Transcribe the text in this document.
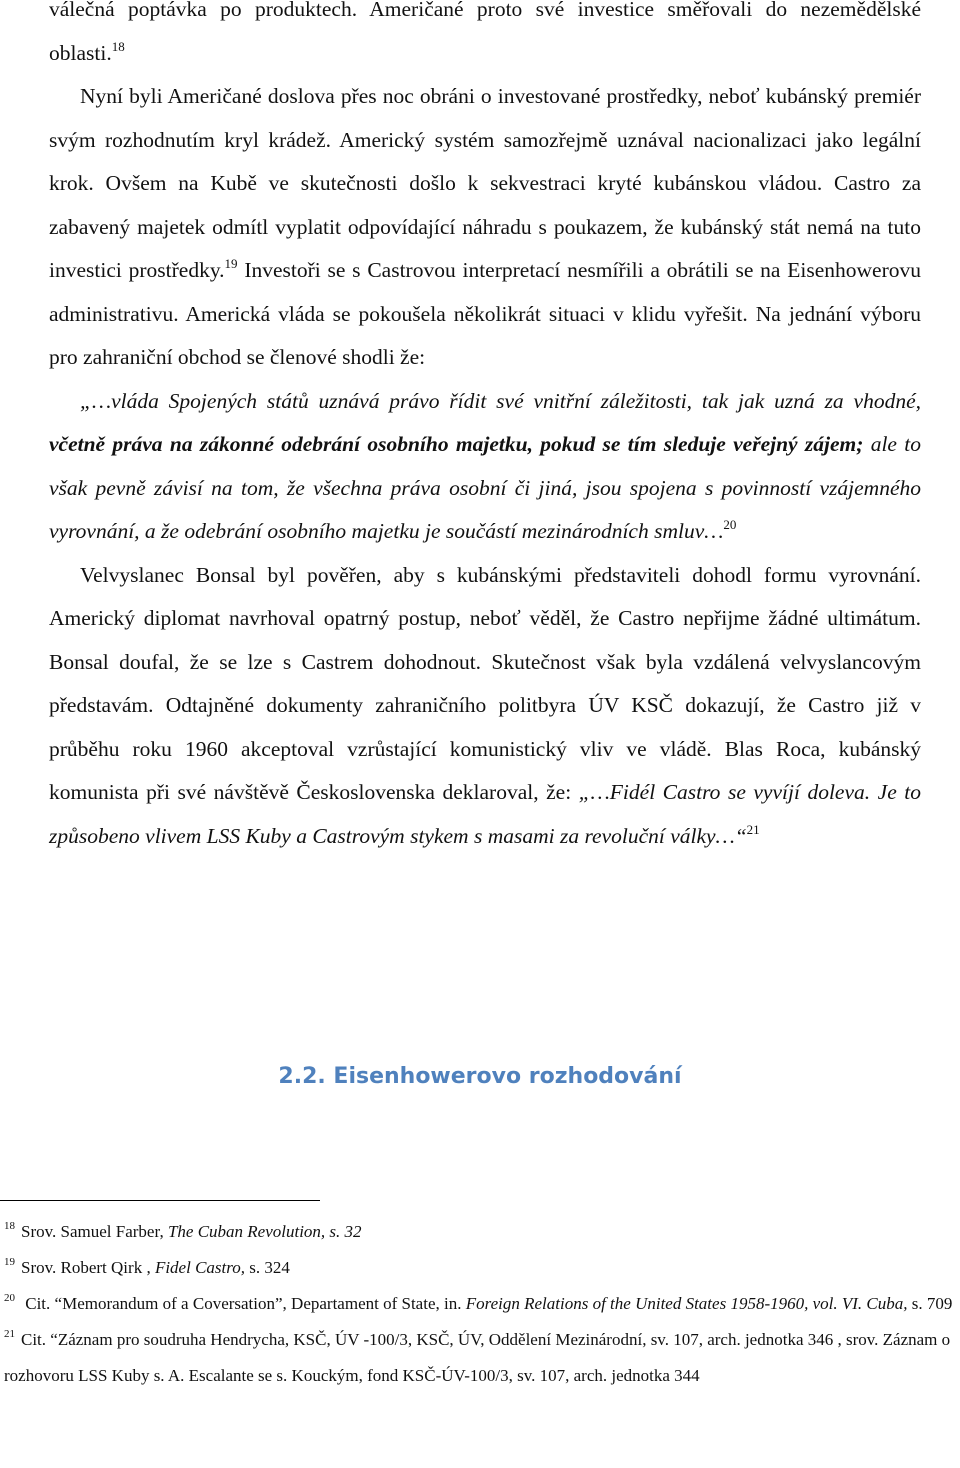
válečná poptávka po produktech. Američané proto své investice směřovali do nezemědělské oblasti.$^{18}$

Nyní byli Američané doslova přes noc obráni o investované prostředky, neboť kubánský premiér svým rozhodnutím kryl krádež. Americký systém samozřejmě uznával nacionalizaci jako legální krok. Ovšem na Kubě ve skutečnosti došlo k sekvestraci kryté kubánskou vládou. Castro za zabavený majetek odmítl vyplatit odpovídající náhradu s poukazem, že kubánský stát nemá na tuto investici prostředky.$^{19}$ Investoři se s Castrovou interpretací nesmířili a obrátili se na Eisenhowerovu administrativu. Americká vláda se pokoušela několikrát situaci v klidu vyřešit. Na jednání výboru pro zahraniční obchod se členové shodli že:

„…vláda Spojených států uznává právo řídit své vnitřní záležitosti, tak jak uzná za vhodné, včetně práva na zákonné odebrání osobního majetku, pokud se tím sleduje veřejný zájem; ale to však pevně závisí na tom, že všechna práva osobní či jiná, jsou spojena s povinností vzájemného vyrovnání, a že odebrání osobního majetku je součástí mezinárodních smluv…$^{20}$

Velvyslanec Bonsal byl pověřen, aby s kubánskými představiteli dohodl formu vyrovnání. Americký diplomat navrhoval opatrný postup, neboť věděl, že Castro nepřijme žádné ultimátum. Bonsal doufal, že se lze s Castrem dohodnout. Skutečnost však byla vzdálená velvyslancovým představám. Odtajněné dokumenty zahraničního politbyra ÚV KSČ dokazují, že Castro již v průběhu roku 1960 akceptoval vzrůstající komunistický vliv ve vládě. Blas Roca, kubánský komunista při své návštěvě Československa deklaroval, že: „…Fidél Castro se vyvíjí doleva. Je to způsobeno vlivem LSS Kuby a Castrovým stykem s masami za revoluční války…“$^{21}$

2.2. Eisenhowerovo rozhodování

$^{18}$ Srov. Samuel Farber, The Cuban Revolution, s. 32

$^{19}$ Srov. Robert Qirk , Fidel Castro, s. 324

$^{20}$ Cit. “Memorandum of a Coversation”, Departament of State, in. Foreign Relations of the United States 1958-1960, vol. VI. Cuba, s. 709

$^{21}$ Cit. “Záznam pro soudruha Hendrycha, KSČ, ÚV -100/3, KSČ, ÚV, Oddělení Mezinárodní, sv. 107, arch. jednotka 346 , srov. Záznam o rozhovoru LSS Kuby s. A. Escalante se s. Kouckým, fond KSČ-ÚV-100/3, sv. 107, arch. jednotka 344
